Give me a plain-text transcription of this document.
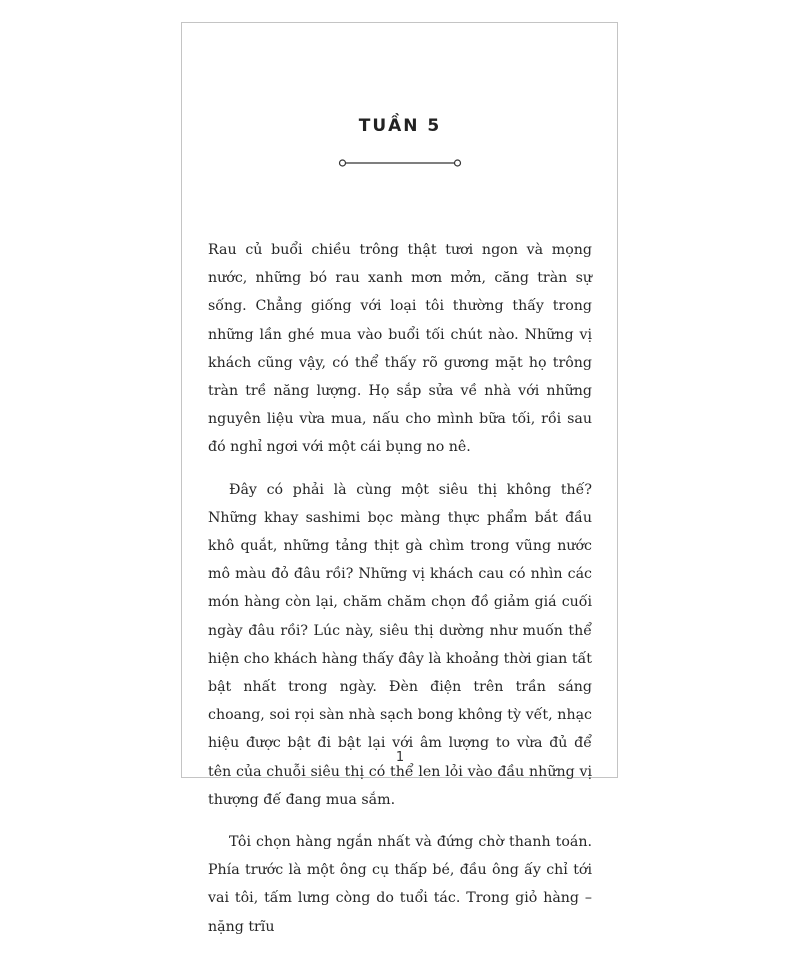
TUẦN 5

Rau củ buổi chiều trông thật tươi ngon và mọng nước, những bó rau xanh mơn mởn, căng tràn sự sống. Chẳng giống với loại tôi thường thấy trong những lần ghé mua vào buổi tối chút nào. Những vị khách cũng vậy, có thể thấy rõ gương mặt họ trông tràn trề năng lượng. Họ sắp sửa về nhà với những nguyên liệu vừa mua, nấu cho mình bữa tối, rồi sau đó nghỉ ngơi với một cái bụng no nê.

Đây có phải là cùng một siêu thị không thế? Những khay sashimi bọc màng thực phẩm bắt đầu khô quắt, những tảng thịt gà chìm trong vũng nước mô màu đỏ đâu rồi? Những vị khách cau có nhìn các món hàng còn lại, chăm chăm chọn đồ giảm giá cuối ngày đâu rồi? Lúc này, siêu thị dường như muốn thể hiện cho khách hàng thấy đây là khoảng thời gian tất bật nhất trong ngày. Đèn điện trên trần sáng choang, soi rọi sàn nhà sạch bong không tỳ vết, nhạc hiệu được bật đi bật lại với âm lượng to vừa đủ để tên của chuỗi siêu thị có thể len lỏi vào đầu những vị thượng đế đang mua sắm.

Tôi chọn hàng ngắn nhất và đứng chờ thanh toán. Phía trước là một ông cụ thấp bé, đầu ông ấy chỉ tới vai tôi, tấm lưng còng do tuổi tác. Trong giỏ hàng – nặng trĩu

1
